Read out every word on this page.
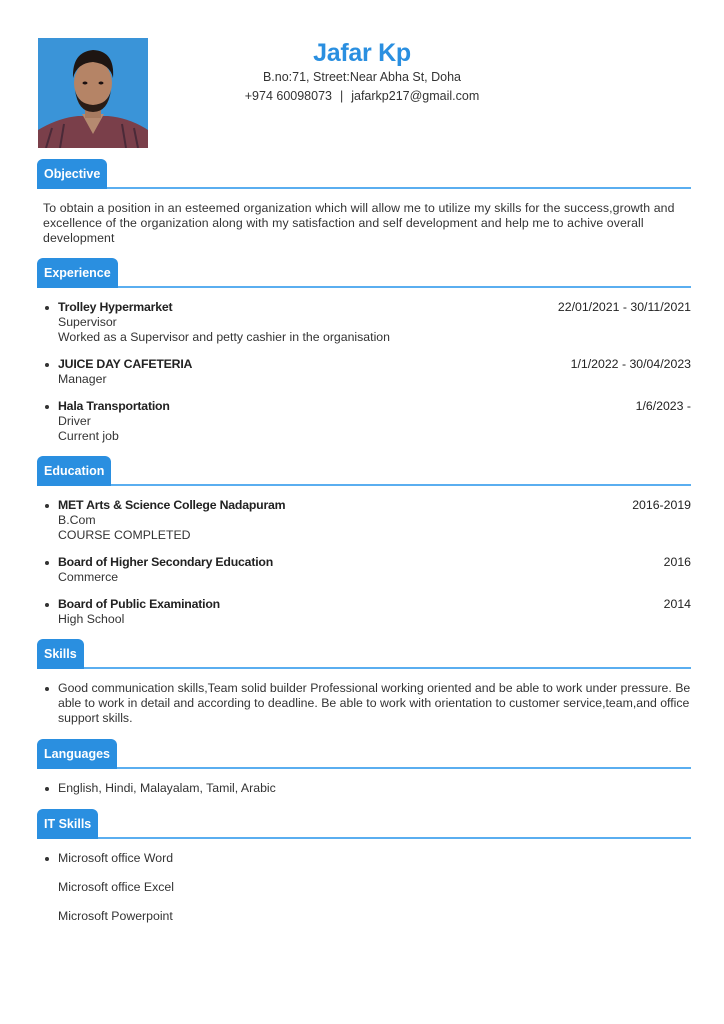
Jafar Kp
B.no:71, Street:Near Abha St, Doha
+974 60098073 | jafarkp217@gmail.com
Objective
To obtain a position in an esteemed organization which will allow me to utilize my skills for the success,growth and excellence of the organization along with my satisfaction and self development and help me to achive overall development
Experience
Trolley Hypermarket	22/01/2021 - 30/11/2021
Supervisor
Worked as a Supervisor and petty cashier in the organisation
JUICE DAY CAFETERIA	1/1/2022 - 30/04/2023
Manager
Hala Transportation	1/6/2023 -
Driver
Current job
Education
MET Arts & Science College Nadapuram	2016-2019
B.Com
COURSE COMPLETED
Board of Higher Secondary Education	2016
Commerce
Board of Public Examination	2014
High School
Skills
Good communication skills,Team solid builder Professional working oriented and be able to work under pressure. Be able to work in detail and according to deadline. Be able to work with orientation to customer service,team,and office support skills.
Languages
English, Hindi, Malayalam, Tamil, Arabic
IT Skills
Microsoft office Word
Microsoft office Excel
Microsoft Powerpoint
